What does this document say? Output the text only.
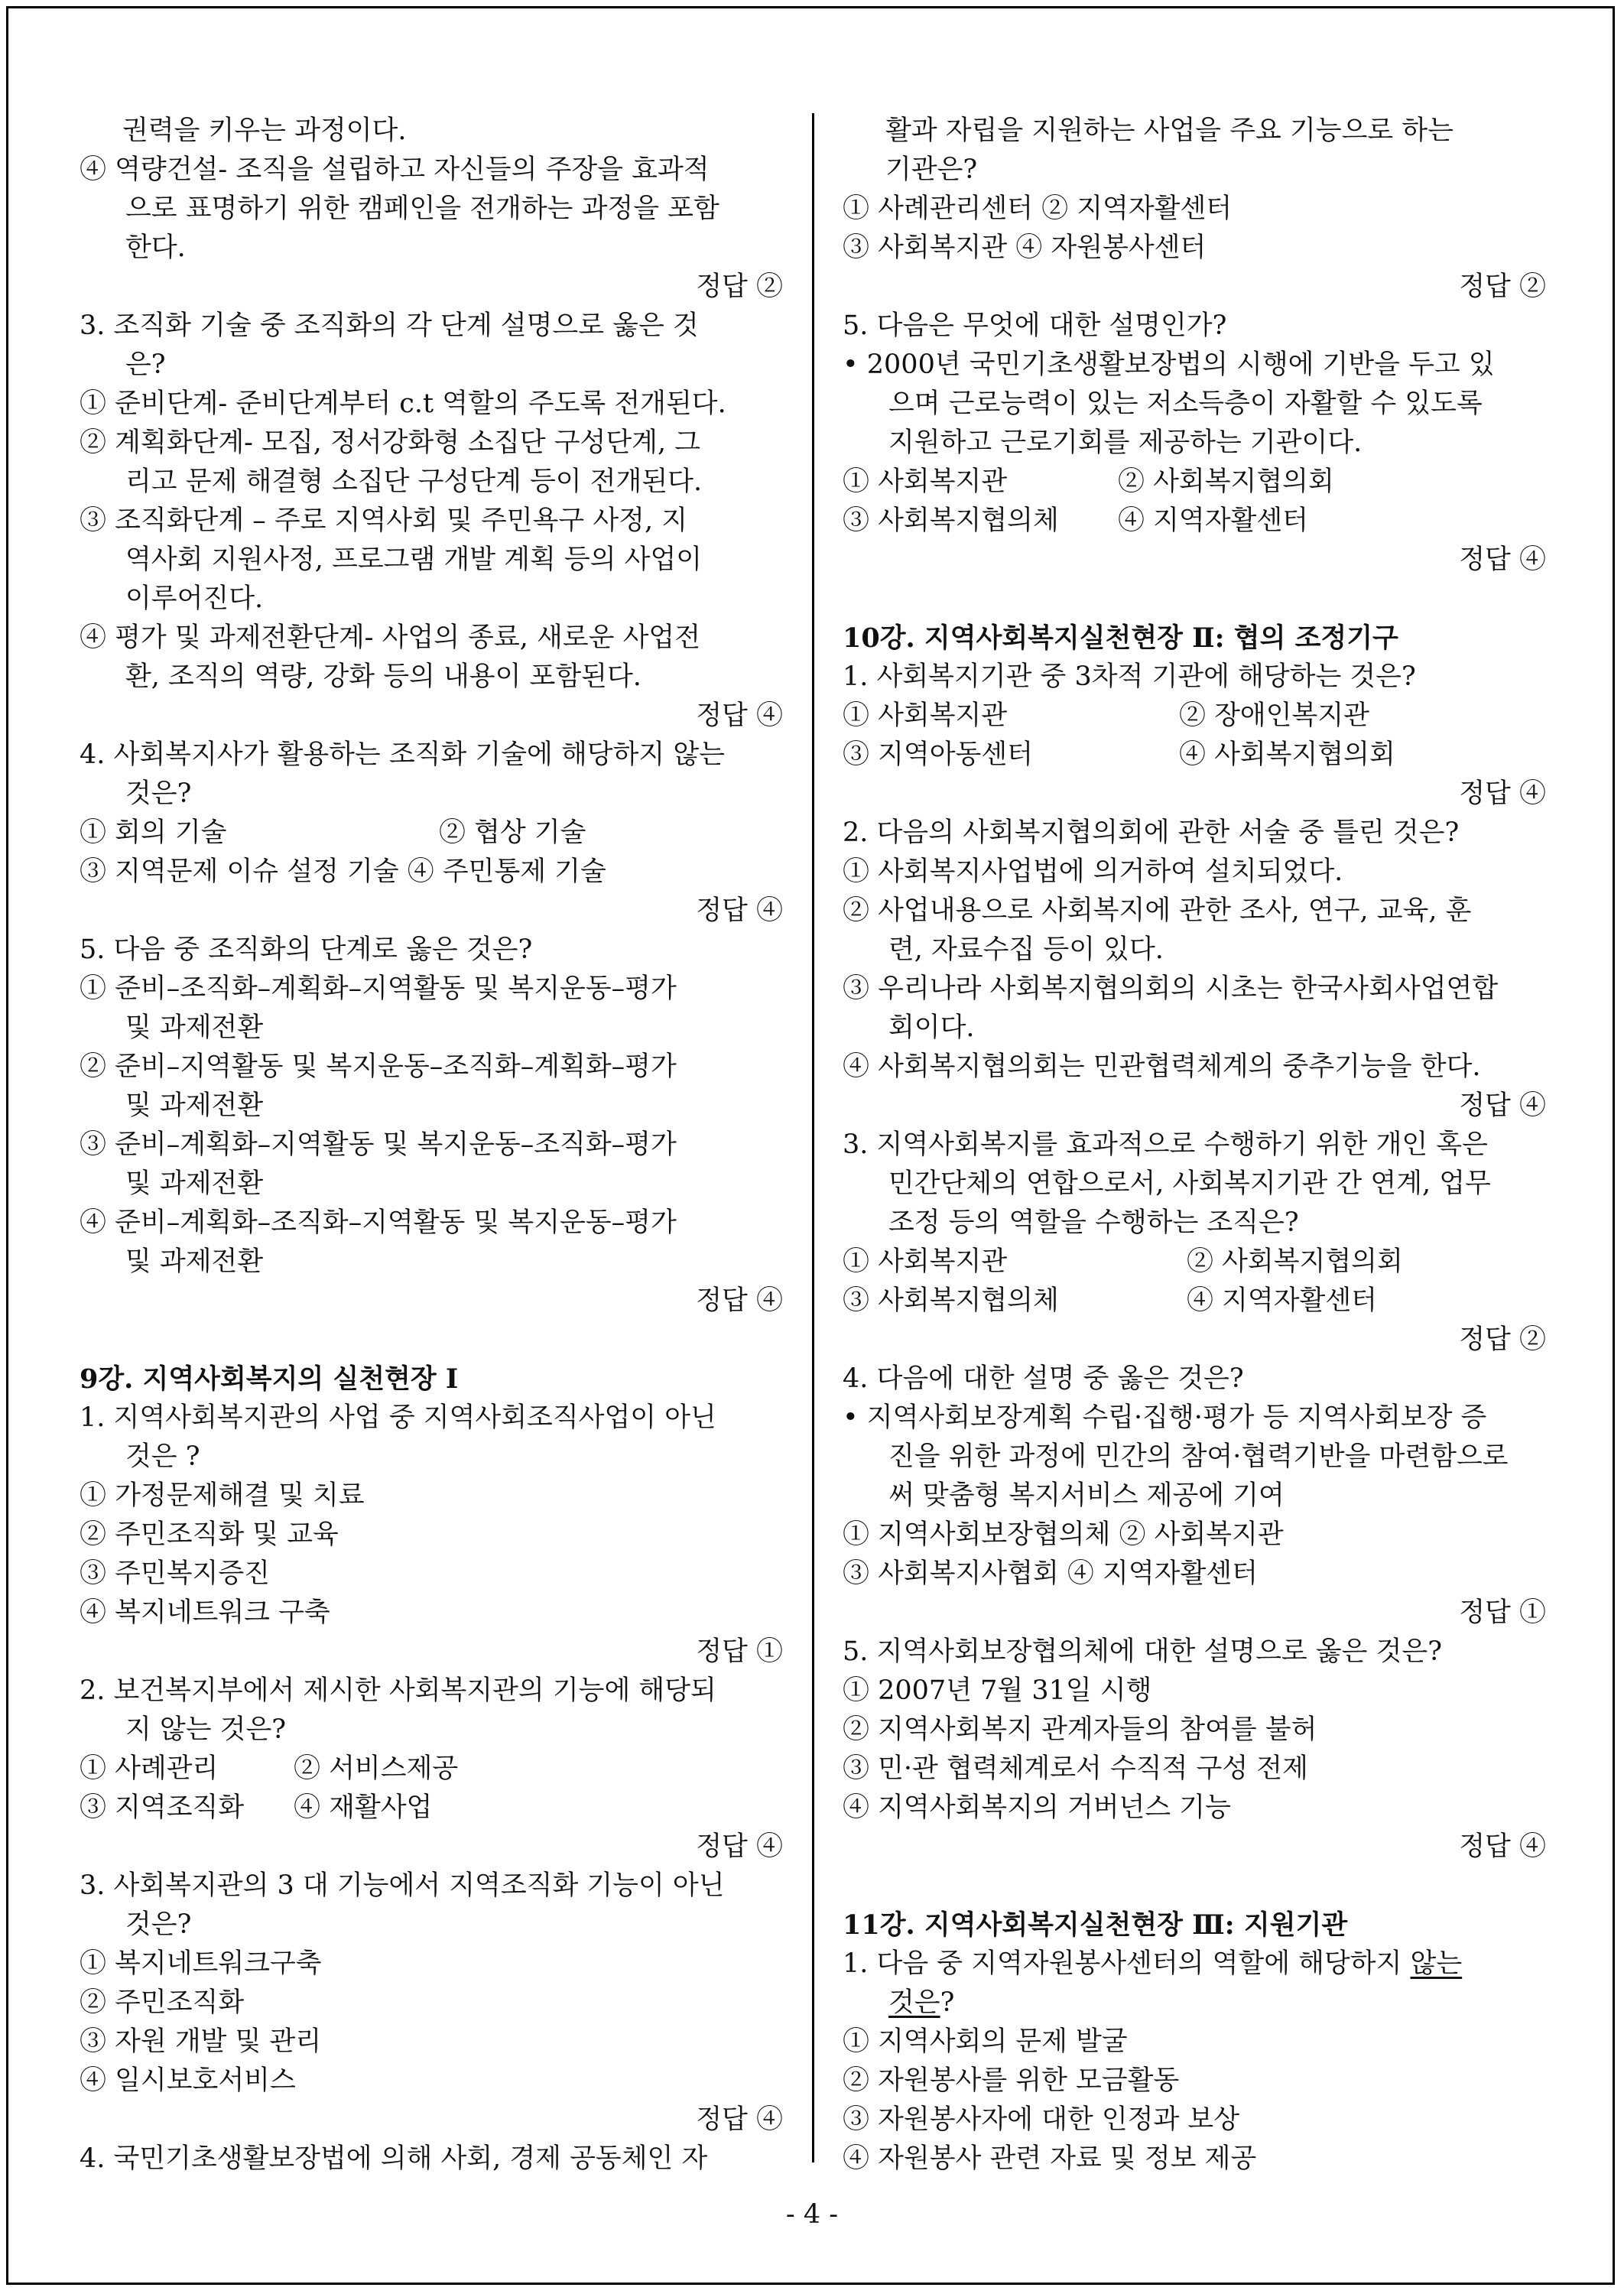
권력을 키우는 과정이다.
④ 역량건설- 조직을 설립하고 자신들의 주장을 효과적
으로 표명하기 위한 캠페인을 전개하는 과정을 포함
한다.
정답 ②
3. 조직화 기술 중 조직화의 각 단계 설명으로 옳은 것
은?
① 준비단계- 준비단계부터 c.t 역할의 주도록 전개된다.
② 계획화단계- 모집, 정서강화형 소집단 구성단계, 그
리고 문제 해결형 소집단 구성단계 등이 전개된다.
③ 조직화단계 – 주로 지역사회 및 주민욕구 사정, 지
역사회 지원사정, 프로그램 개발 계획 등의 사업이
이루어진다.
④ 평가 및 과제전환단계- 사업의 종료, 새로운 사업전
환, 조직의 역량, 강화 등의 내용이 포함된다.
정답 ④
4. 사회복지사가 활용하는 조직화 기술에 해당하지 않는
것은?
① 회의 기술	② 협상 기술
③ 지역문제 이슈 설정 기술 ④ 주민통제 기술
정답 ④
5. 다음 중 조직화의 단계로 옳은 것은?
① 준비–조직화–계획화–지역활동 및 복지운동–평가
및 과제전환
② 준비–지역활동 및 복지운동–조직화–계획화–평가
및 과제전환
③ 준비–계획화–지역활동 및 복지운동–조직화–평가
및 과제전환
④ 준비–계획화–조직화–지역활동 및 복지운동–평가
및 과제전환
정답 ④
9강. 지역사회복지의 실천현장 I
1. 지역사회복지관의 사업 중 지역사회조직사업이 아닌
것은 ?
① 가정문제해결 및 치료
② 주민조직화 및 교육
③ 주민복지증진
④ 복지네트워크 구축
정답 ①
2. 보건복지부에서 제시한 사회복지관의 기능에 해당되
지 않는 것은?
① 사례관리	② 서비스제공
③ 지역조직화 ④ 재활사업
정답 ④
3. 사회복지관의 3 대 기능에서 지역조직화 기능이 아닌
것은?
① 복지네트워크구축
② 주민조직화
③ 자원 개발 및 관리
④ 일시보호서비스
정답 ④
4. 국민기초생활보장법에 의해 사회, 경제 공동체인 자
활과 자립을 지원하는 사업을 주요 기능으로 하는
기관은?
① 사례관리센터 ② 지역자활센터
③ 사회복지관 ④ 자원봉사센터
정답 ②
5. 다음은 무엇에 대한 설명인가?
• 2000년 국민기초생활보장법의 시행에 기반을 두고 있
으며 근로능력이 있는 저소득층이 자활할 수 있도록
지원하고 근로기회를 제공하는 기관이다.
① 사회복지관	② 사회복지협의회
③ 사회복지협의체 ④ 지역자활센터
정답 ④
10강. 지역사회복지실천현장 Ⅱ: 협의 조정기구
1. 사회복지기관 중 3차적 기관에 해당하는 것은?
① 사회복지관	② 장애인복지관
③ 지역아동센터	④ 사회복지협의회
정답 ④
2. 다음의 사회복지협의회에 관한 서술 중 틀린 것은?
① 사회복지사업법에 의거하여 설치되었다.
② 사업내용으로 사회복지에 관한 조사, 연구, 교육, 훈
련, 자료수집 등이 있다.
③ 우리나라 사회복지협의회의 시초는 한국사회사업연합
회이다.
④ 사회복지협의회는 민관협력체계의 중추기능을 한다.
정답 ④
3. 지역사회복지를 효과적으로 수행하기 위한 개인 혹은
민간단체의 연합으로서, 사회복지기관 간 연계, 업무
조정 등의 역할을 수행하는 조직은?
① 사회복지관	② 사회복지협의회
③ 사회복지협의체	④ 지역자활센터
정답 ②
4. 다음에 대한 설명 중 옳은 것은?
• 지역사회보장계획 수립·집행·평가 등 지역사회보장 증
진을 위한 과정에 민간의 참여·협력기반을 마련함으로
써 맞춤형 복지서비스 제공에 기여
① 지역사회보장협의체 ② 사회복지관
③ 사회복지사협회 ④ 지역자활센터
정답 ①
5. 지역사회보장협의체에 대한 설명으로 옳은 것은?
① 2007년 7월 31일 시행
② 지역사회복지 관계자들의 참여를 불허
③ 민·관 협력체계로서 수직적 구성 전제
④ 지역사회복지의 거버넌스 기능
정답 ④
11강. 지역사회복지실천현장 Ⅲ: 지원기관
1. 다음 중 지역자원봉사센터의 역할에 해당하지 않는
것은?
① 지역사회의 문제 발굴
② 자원봉사를 위한 모금활동
③ 자원봉사자에 대한 인정과 보상
④ 자원봉사 관련 자료 및 정보 제공
- 4 -
